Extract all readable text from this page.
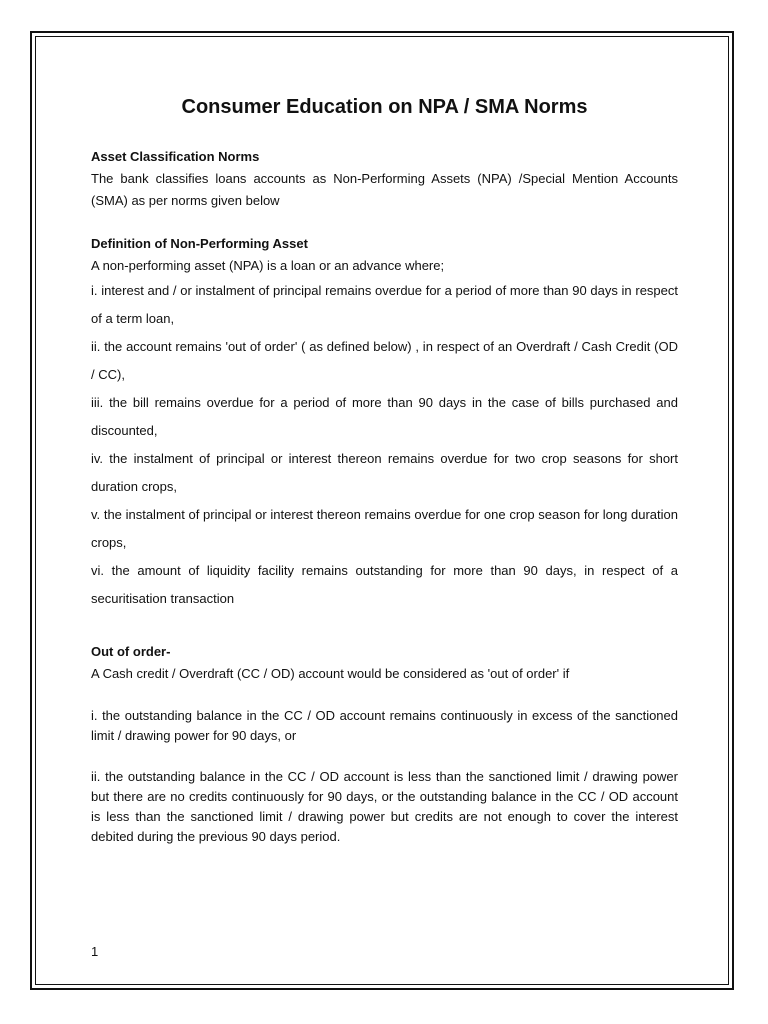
Consumer Education on NPA / SMA Norms
Asset Classification Norms

The bank classifies loans accounts as Non-Performing Assets (NPA) /Special Mention Accounts (SMA) as per norms given below

Definition of Non-Performing Asset

A non-performing asset (NPA) is a loan or an advance where;

i. interest and / or instalment of principal remains overdue for a period of more than 90 days in respect of a term loan,

ii. the account remains 'out of order' ( as defined below) , in respect of an Overdraft / Cash Credit (OD / CC),

iii. the bill remains overdue for a period of more than 90 days in the case of bills purchased and discounted,

iv. the instalment of principal or interest thereon remains overdue for two crop seasons for short duration crops,

v. the instalment of principal or interest thereon remains overdue for one crop season for long duration crops,

vi. the amount of liquidity facility remains outstanding for more than 90 days, in respect of a securitisation transaction

Out of order-

A Cash credit / Overdraft (CC / OD) account would be considered as 'out of order' if

i. the outstanding balance in the CC / OD account remains continuously in excess of the sanctioned limit / drawing power for 90 days, or

ii. the outstanding balance in the CC / OD account is less than the sanctioned limit / drawing power but there are no credits continuously for 90 days, or the outstanding balance in the CC / OD account is less than the sanctioned limit / drawing power but credits are not enough to cover the interest debited during the previous 90 days period.

1
